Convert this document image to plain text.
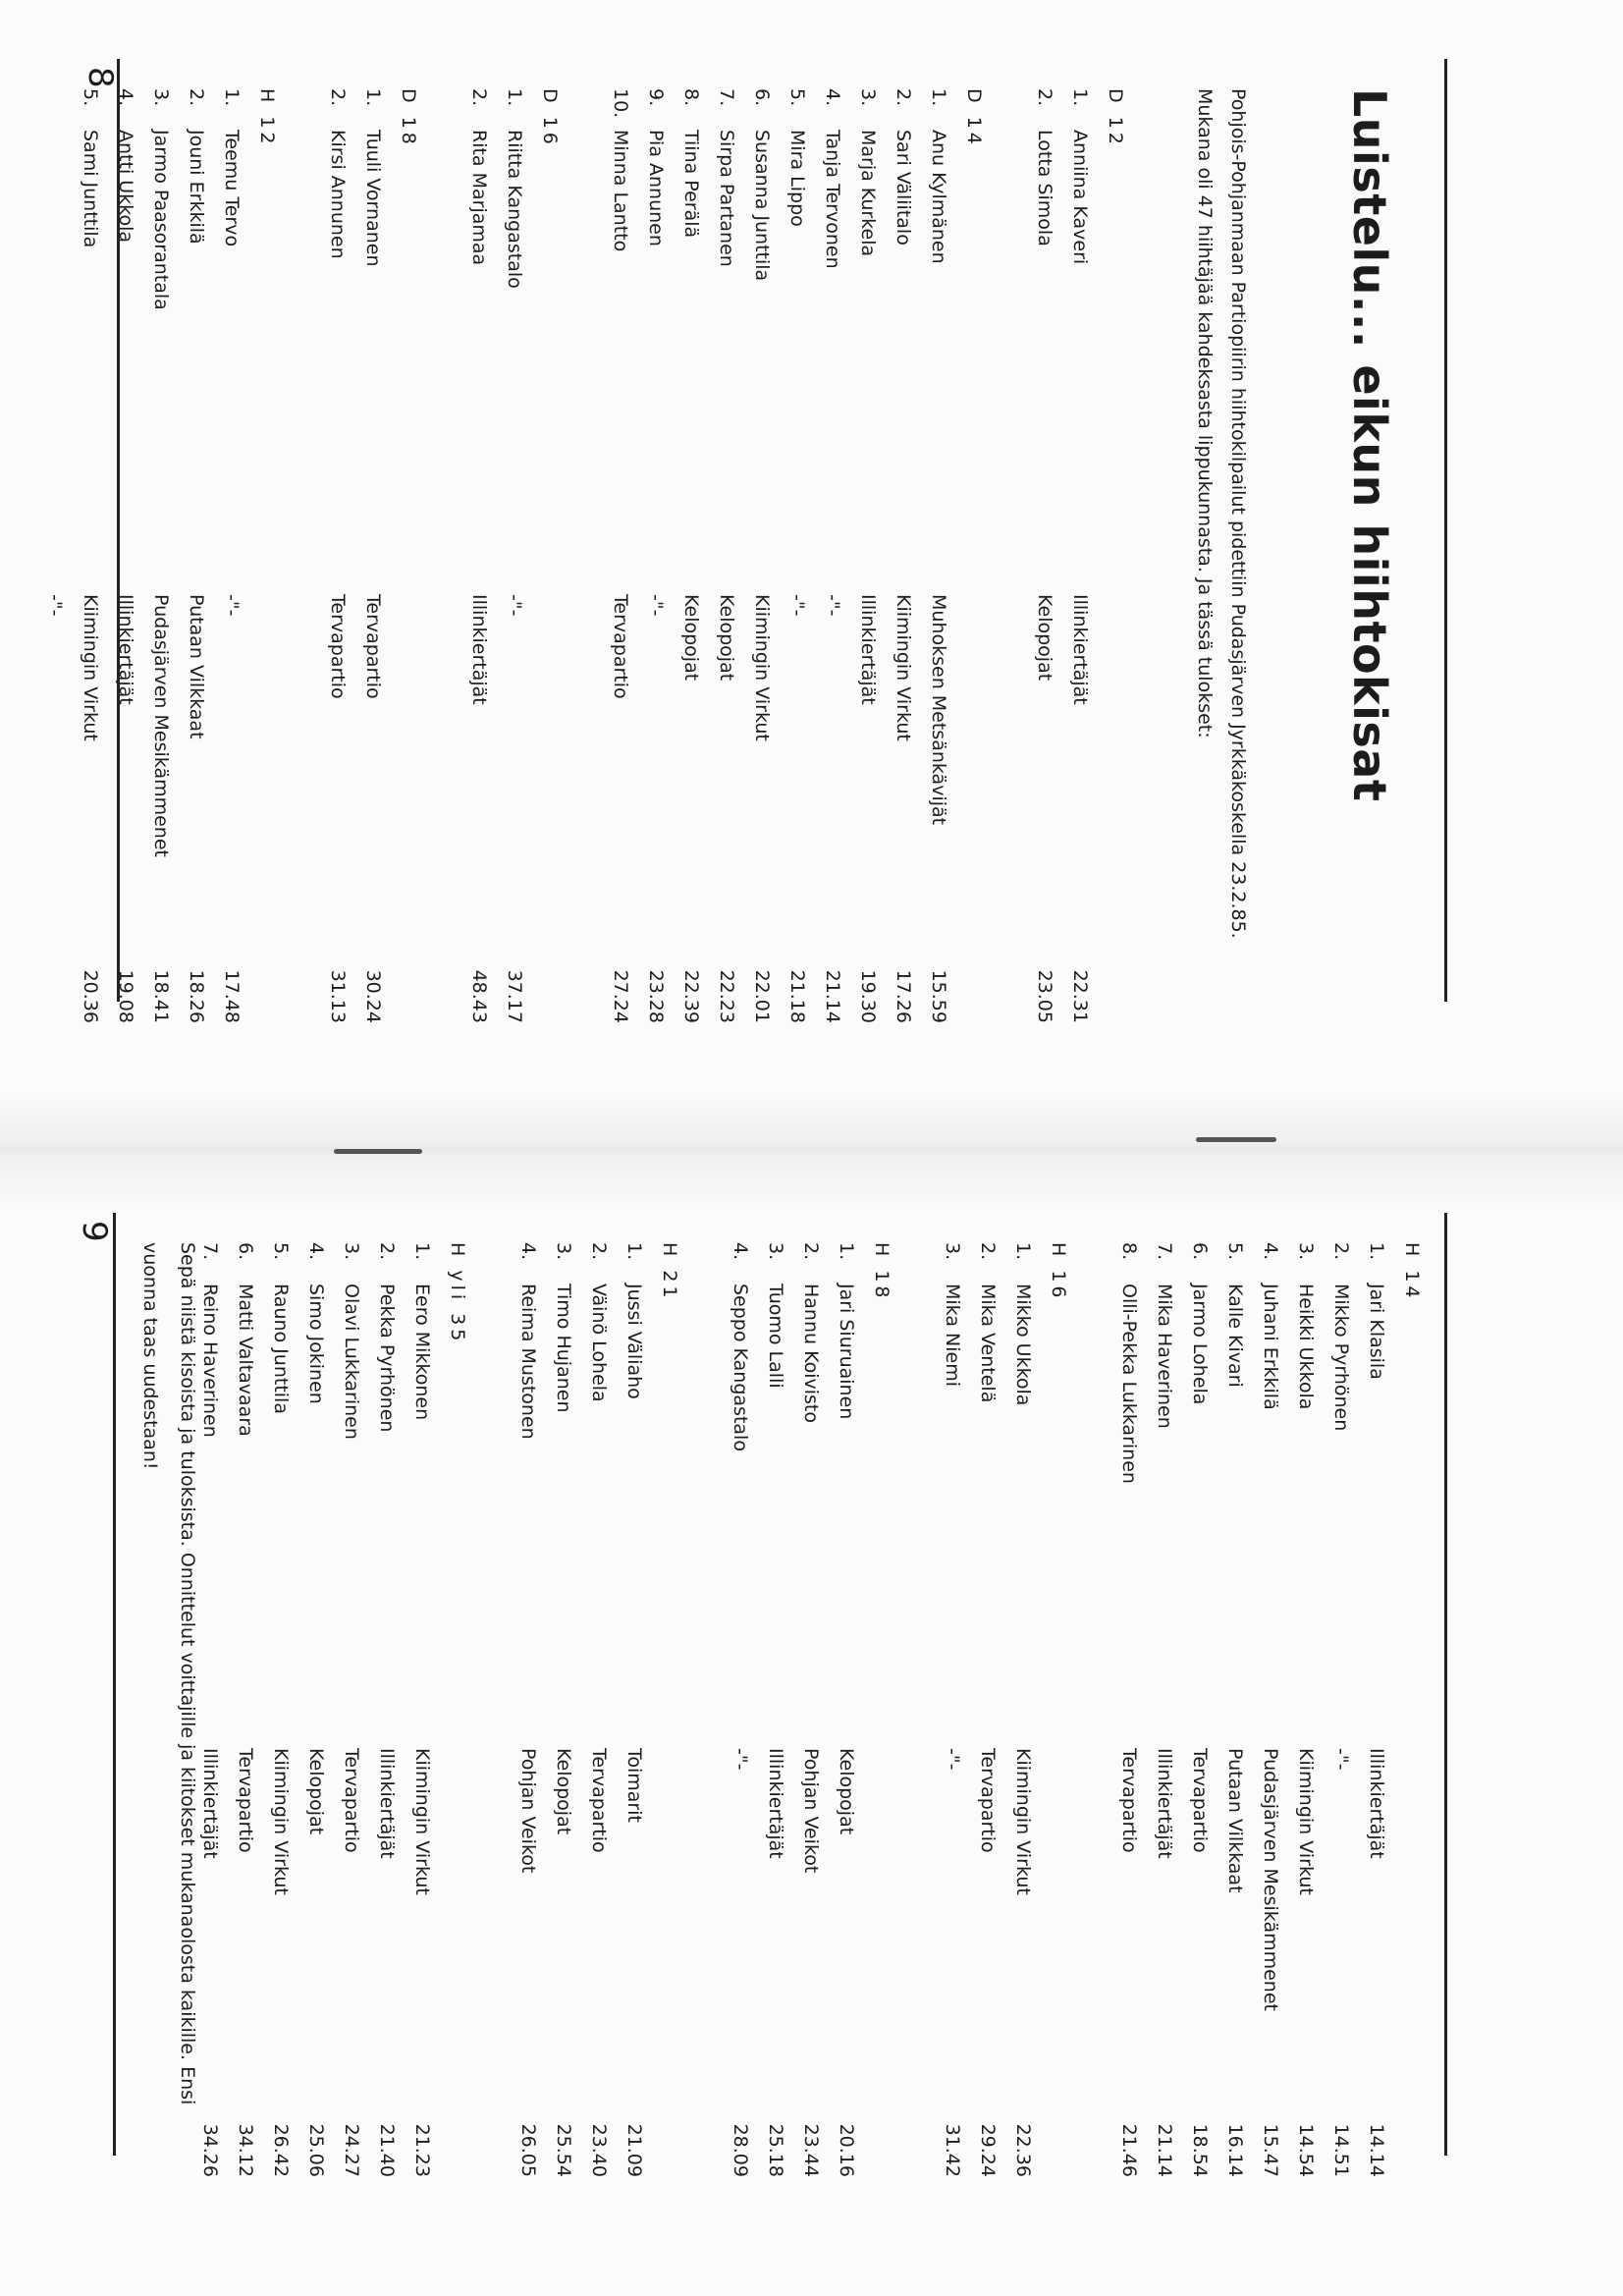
Luistelu... eikun hiihtokisat
Pohjois-Pohjanmaan Partiopiirin hiihtokilpailut pidettiin Pudasjärven Jyrkkäkoskella 23.2.85. Mukana oli 47 hiihtäjää kahdeksasta lippukunnasta. Ja tässä tulokset:
D 12
1.
Anniina Kaveri
Illinkiertäjät
22.31
2.
Lotta Simola
Kelopojat
23.05
D 14
1.
Anu Kylmänen
Muhoksen Metsänkävijät
15.59
2.
Sari Väliitalo
Kiimingin Virkut
17.26
3.
Marja Kurkela
Illinkiertäjät
19.30
4.
Tanja Tervonen
-"-
21.14
5.
Mira Lippo
-"-
21.18
6.
Susanna Junttila
Kiimingin Virkut
22.01
7.
Sirpa Partanen
Kelopojat
22.23
8.
Tiina Perälä
Kelopojat
22.39
9.
Pia Annunen
-"-
23.28
10.
Minna Lantto
Tervapartio
27.24
D 16
1.
Riitta Kangastalo
-"-
37.17
2.
Rita Marjamaa
Illinkiertäjät
48.43
D 18
1.
Tuuli Vornanen
Tervapartio
30.24
2.
Kirsi Annunen
Tervapartio
31.13
H 12
1.
Teemu Tervo
-"-
17.48
2.
Jouni Erkkilä
Putaan Vilkkaat
18.26
3.
Jarmo Paasorantala
Pudasjärven Mesikämmenet
18.41
4.
Antti Ukkola
Illinkiertäjät
19.08
5.
Sami Junttila
Kiimingin Virkut
20.36
-"-
8
H 14
1.
Jari Klasila
Illinkiertäjät
14.14
2.
Mikko Pyrhönen
-"-
14.51
3.
Heikki Ukkola
Kiimingin Virkut
14.54
4.
Juhani Erkkilä
Pudasjärven Mesikämmenet
15.47
5.
Kalle Kivari
Putaan Vilkkaat
16.14
6.
Jarmo Lohela
Tervapartio
18.54
7.
Mika Haverinen
Illinkiertäjät
21.14
8.
Olli-Pekka Lukkarinen
Tervapartio
21.46
H 16
1.
Mikko Ukkola
Kiimingin Virkut
22.36
2.
Mika Ventelä
Tervapartio
29.24
3.
Mika Niemi
-"-
31.42
H 18
1.
Jari Siuruainen
Kelopojat
20.16
2.
Hannu Koivisto
Pohjan Veikot
23.44
3.
Tuomo Lalli
Illinkiertäjät
25.18
4.
Seppo Kangastalo
-"-
28.09
H 21
1.
Jussi Väliaho
Toimarit
21.09
2.
Väinö Lohela
Tervapartio
23.40
3.
Timo Hujanen
Kelopojat
25.54
4.
Reima Mustonen
Pohjan Veikot
26.05
H yli 35
1.
Eero Mikkonen
Kiimingin Virkut
21.23
2.
Pekka Pyrhönen
Illinkiertäjät
21.40
3.
Olavi Lukkarinen
Tervapartio
24.27
4.
Simo Jokinen
Kelopojat
25.06
5.
Rauno Junttila
Kiimingin Virkut
26.42
6.
Matti Valtavaara
Tervapartio
34.12
7.
Reino Haverinen
Illinkiertäjät
34.26
Sepä niistä kisoista ja tuloksista. Onnittelut voittajille ja kiitokset mukanaolosta kaikille. Ensi vuonna taas uudestaan!
9
